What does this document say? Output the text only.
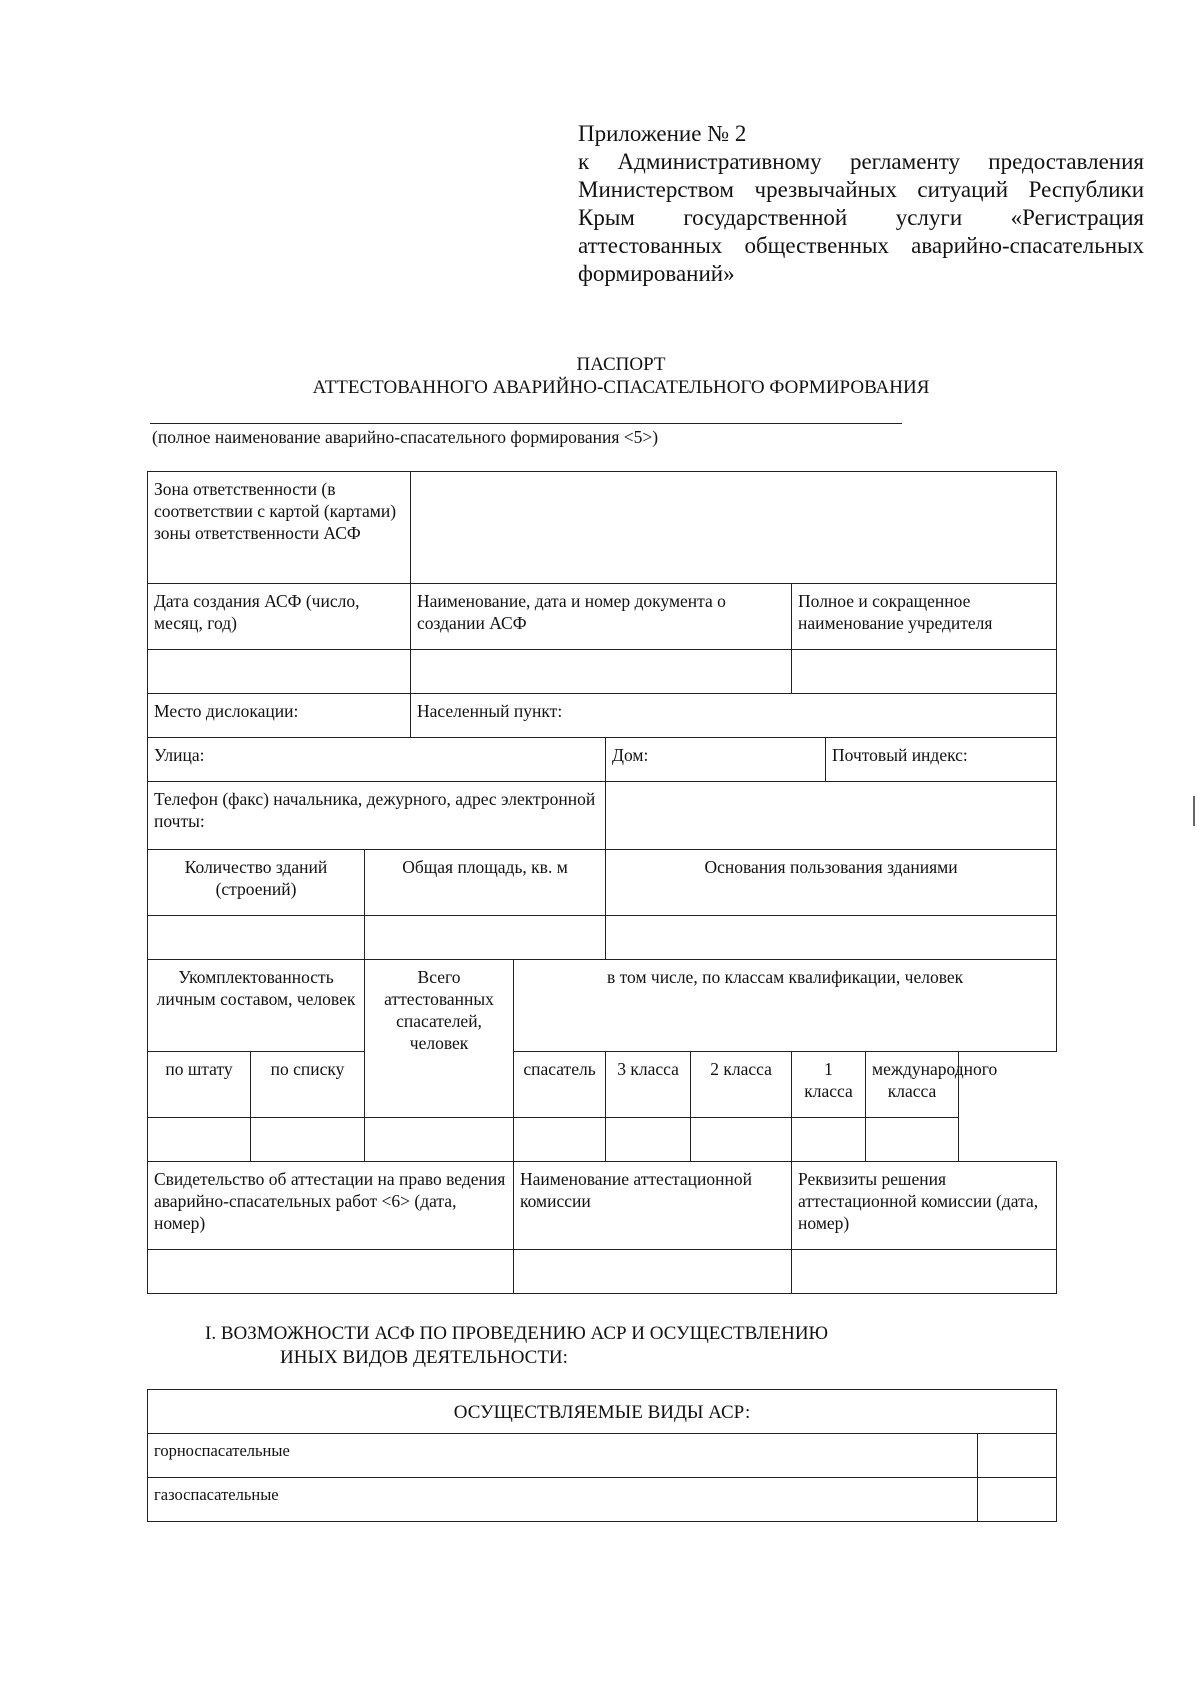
Приложение № 2
к Административному регламенту предоставления
Министерством чрезвычайных ситуаций Республики
Крым государственной услуги «Регистрация
аттестованных общественных аварийно-спасательных
формирований»
ПАСПОРТ
АТТЕСТОВАННОГО АВАРИЙНО-СПАСАТЕЛЬНОГО ФОРМИРОВАНИЯ
(полное наименование аварийно-спасательного формирования <5>)
Зона ответственности (в соответствии с картой (картами) зоны ответственности АСФ									
Дата создания АСФ (число, месяц, год)			Наименование, дата и номер документа о создании АСФ				Полное и сокращенное наименование учредителя		

Место дислокации:			Населенный пункт:						
Улица:					Дом:			Почтовый индекс:	
Телефон (факс) начальника, дежурного, адрес электронной почты:									
Количество зданий (строений)		Общая площадь, кв. м			Основания пользования зданиями				

Укомплектованность личным составом, человек		Всего аттестованных спасателей, человек		в том числе, по классам квалификации, человек					
по штату	по списку			спасатель	3 класса	2 класса	1 класса		международного класса

Свидетельство об аттестации на право ведения аварийно-спасательных работ <6> (дата, номер)				Наименование аттестационной комиссии			Реквизиты решения аттестационной комиссии (дата, номер)		

I. ВОЗМОЖНОСТИ АСФ ПО ПРОВЕДЕНИЮ АСР И ОСУЩЕСТВЛЕНИЮ
ИНЫХ ВИДОВ ДЕЯТЕЛЬНОСТИ:
ОСУЩЕСТВЛЯЕМЫЕ ВИДЫ АСР:	
горноспасательные	
газоспасательные	
